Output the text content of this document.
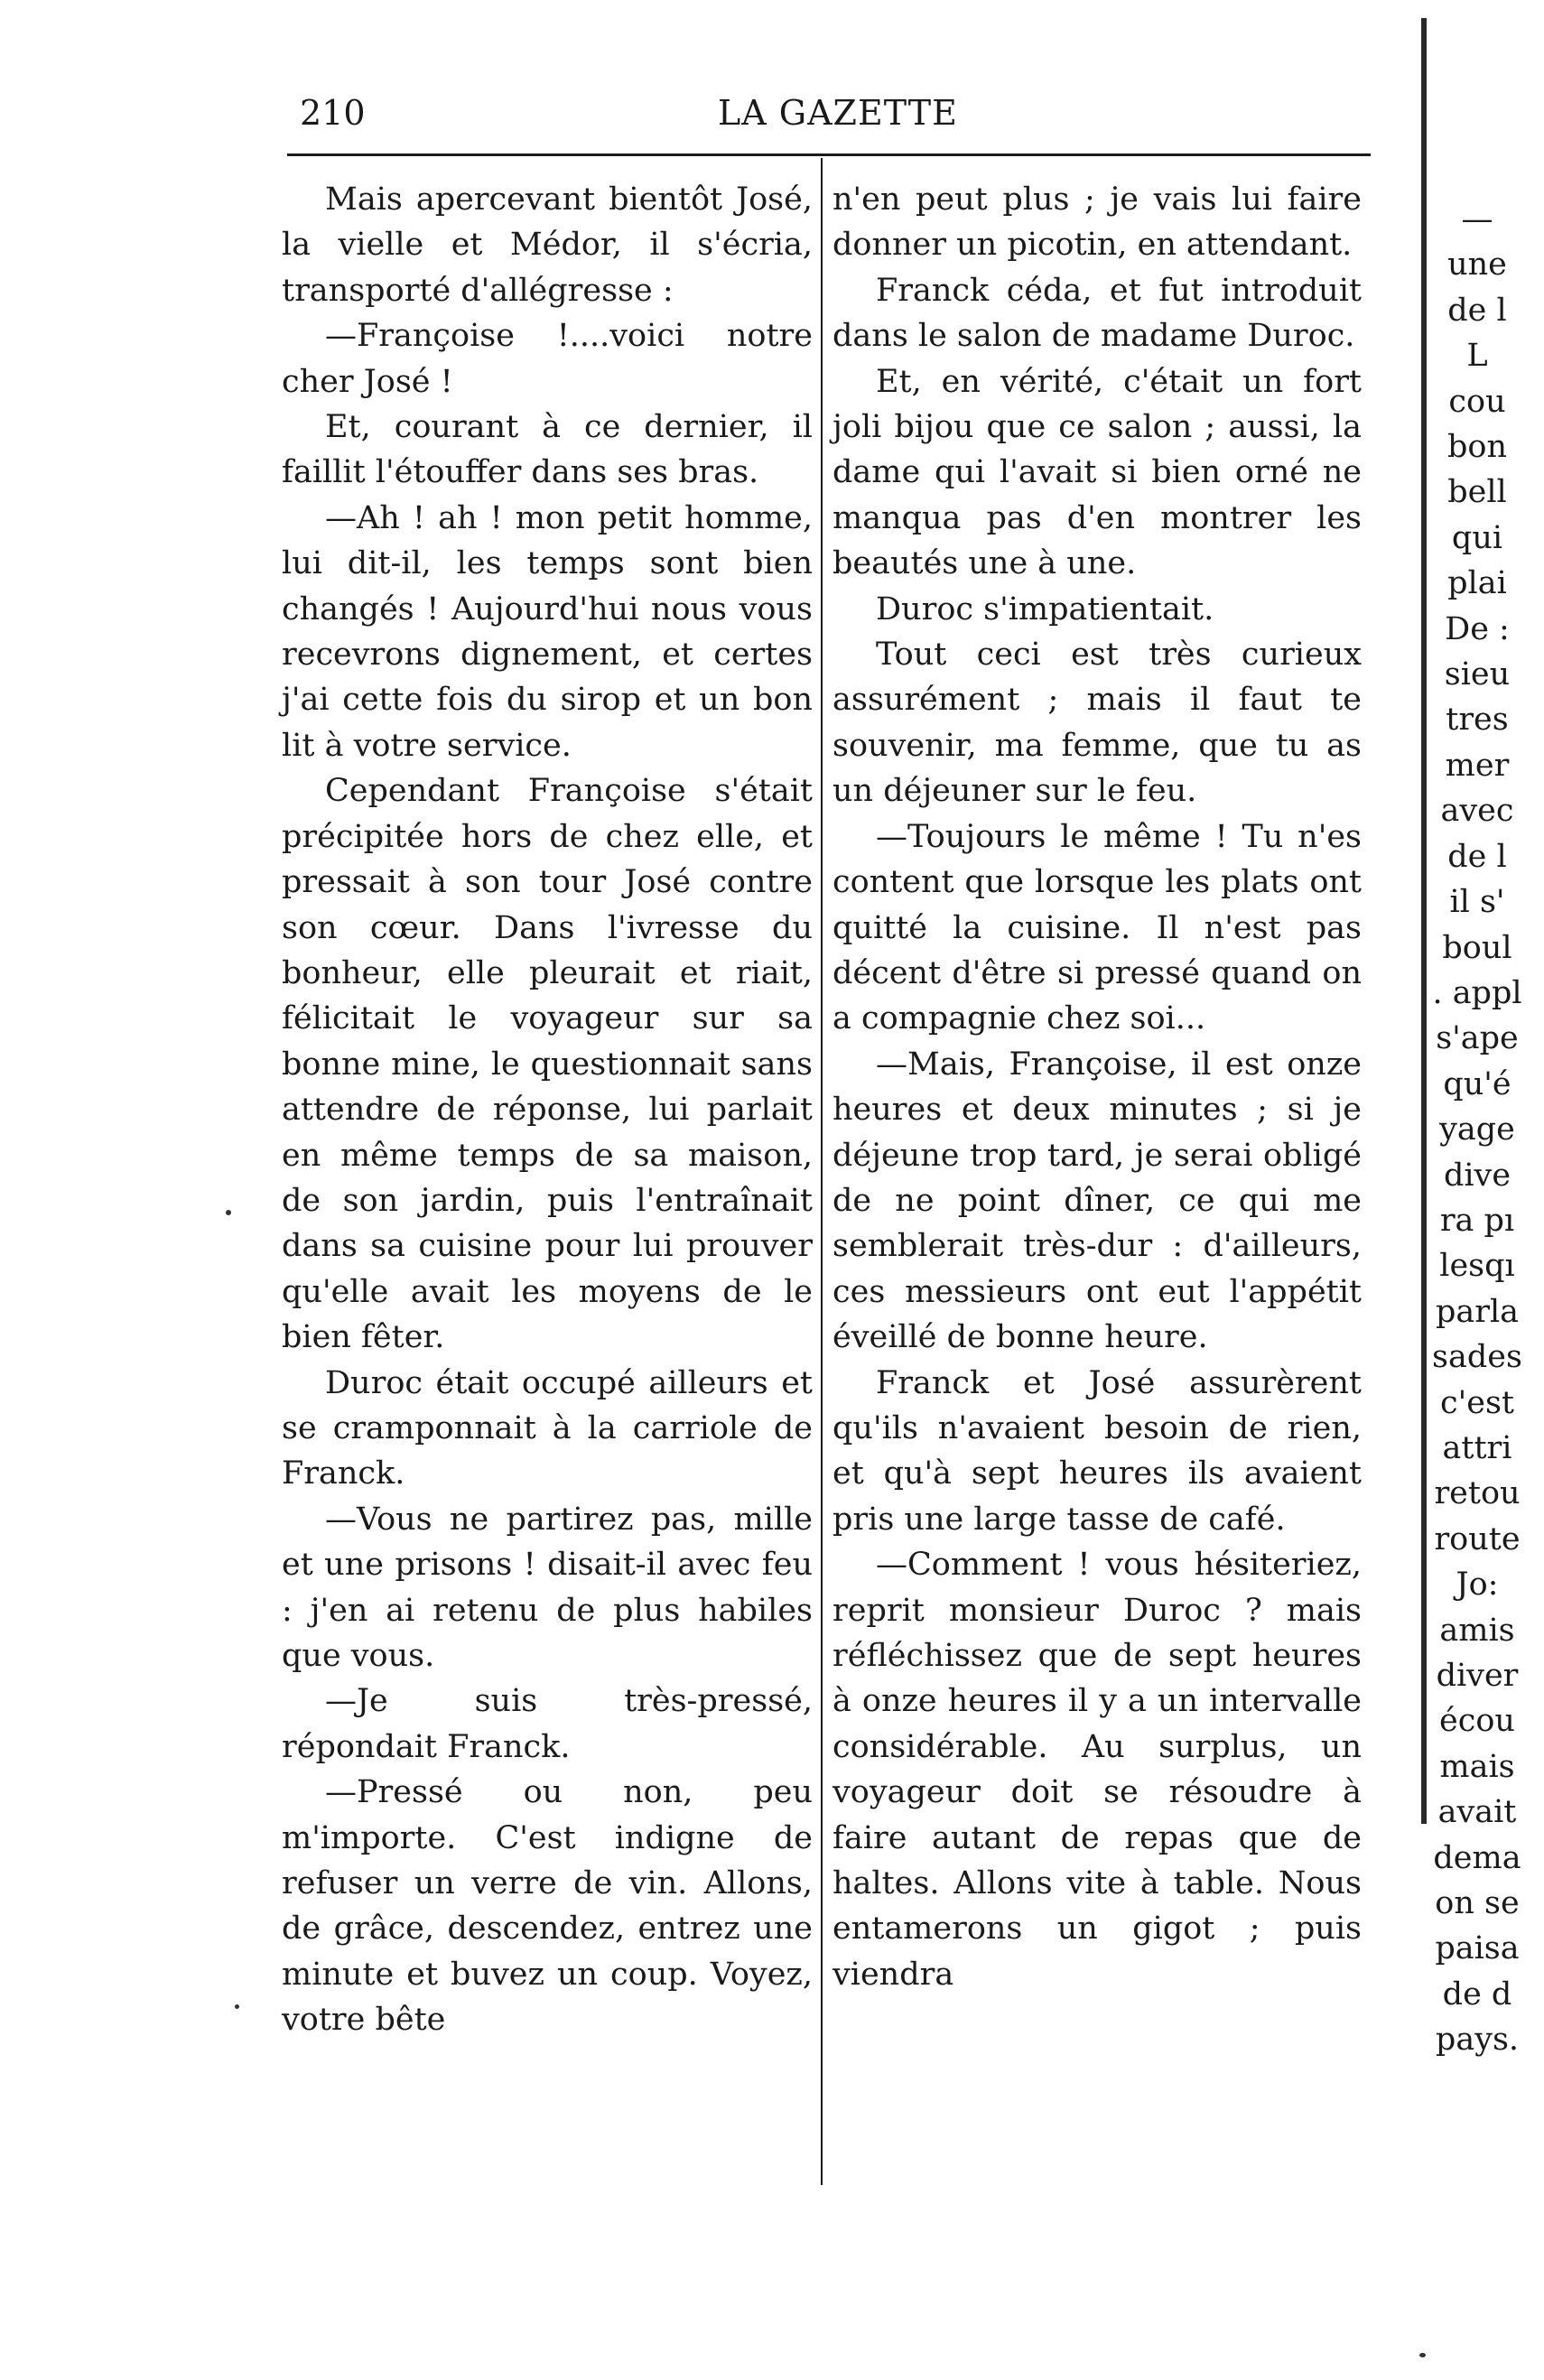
210	LA GAZETTE

Mais apercevant bientôt José, la vielle et Médor, il s'écria, transporté d'allégresse :

—Françoise !....voici notre cher José !

Et, courant à ce dernier, il faillit l'étouffer dans ses bras.

—Ah ! ah ! mon petit homme, lui dit-il, les temps sont bien changés ! Aujourd'hui nous vous recevrons dignement, et certes j'ai cette fois du sirop et un bon lit à votre service.

Cependant Françoise s'était précipitée hors de chez elle, et pressait à son tour José contre son cœur. Dans l'ivresse du bonheur, elle pleurait et riait, félicitait le voyageur sur sa bonne mine, le questionnait sans attendre de réponse, lui parlait en même temps de sa maison, de son jardin, puis l'entraînait dans sa cuisine pour lui prouver qu'elle avait les moyens de le bien fêter.

Duroc était occupé ailleurs et se cramponnait à la carriole de Franck.

—Vous ne partirez pas, mille et une prisons ! disait-il avec feu : j'en ai retenu de plus habiles que vous.

—Je suis très-pressé, répondait Franck.

—Pressé ou non, peu m'importe. C'est indigne de refuser un verre de vin. Allons, de grâce, descendez, entrez une minute et buvez un coup. Voyez, votre bête

n'en peut plus ; je vais lui faire donner un picotin, en attendant.

Franck céda, et fut introduit dans le salon de madame Duroc.

Et, en vérité, c'était un fort joli bijou que ce salon ; aussi, la dame qui l'avait si bien orné ne manqua pas d'en montrer les beautés une à une.

Duroc s'impatientait.

Tout ceci est très curieux assurément ; mais il faut te souvenir, ma femme, que tu as un déjeuner sur le feu.

—Toujours le même ! Tu n'es content que lorsque les plats ont quitté la cuisine. Il n'est pas décent d'être si pressé quand on a compagnie chez soi...

—Mais, Françoise, il est onze heures et deux minutes ; si je déjeune trop tard, je serai obligé de ne point dîner, ce qui me semblerait très-dur : d'ailleurs, ces messieurs ont eut l'appétit éveillé de bonne heure.

Franck et José assurèrent qu'ils n'avaient besoin de rien, et qu'à sept heures ils avaient pris une large tasse de café.

—Comment ! vous hésiteriez, reprit monsieur Duroc ? mais réfléchissez que de sept heures à onze heures il y a un intervalle considérable. Au surplus, un voyageur doit se résoudre à faire autant de repas que de haltes. Allons vite à table. Nous entamerons un gigot ; puis viendra

—
une
de l
L
cou
bon
bell
qui
plai
De :
sieu
tres
mer
avec
de l
il s'
boul
. appl
s'ape
qu'é
yage
dive
ra pı
lesqı
parla
sades
c'est
attri
retou
route
Jo:
amis
diver
écou
mais
avait
dema
on se
paisa
de d
pays.
